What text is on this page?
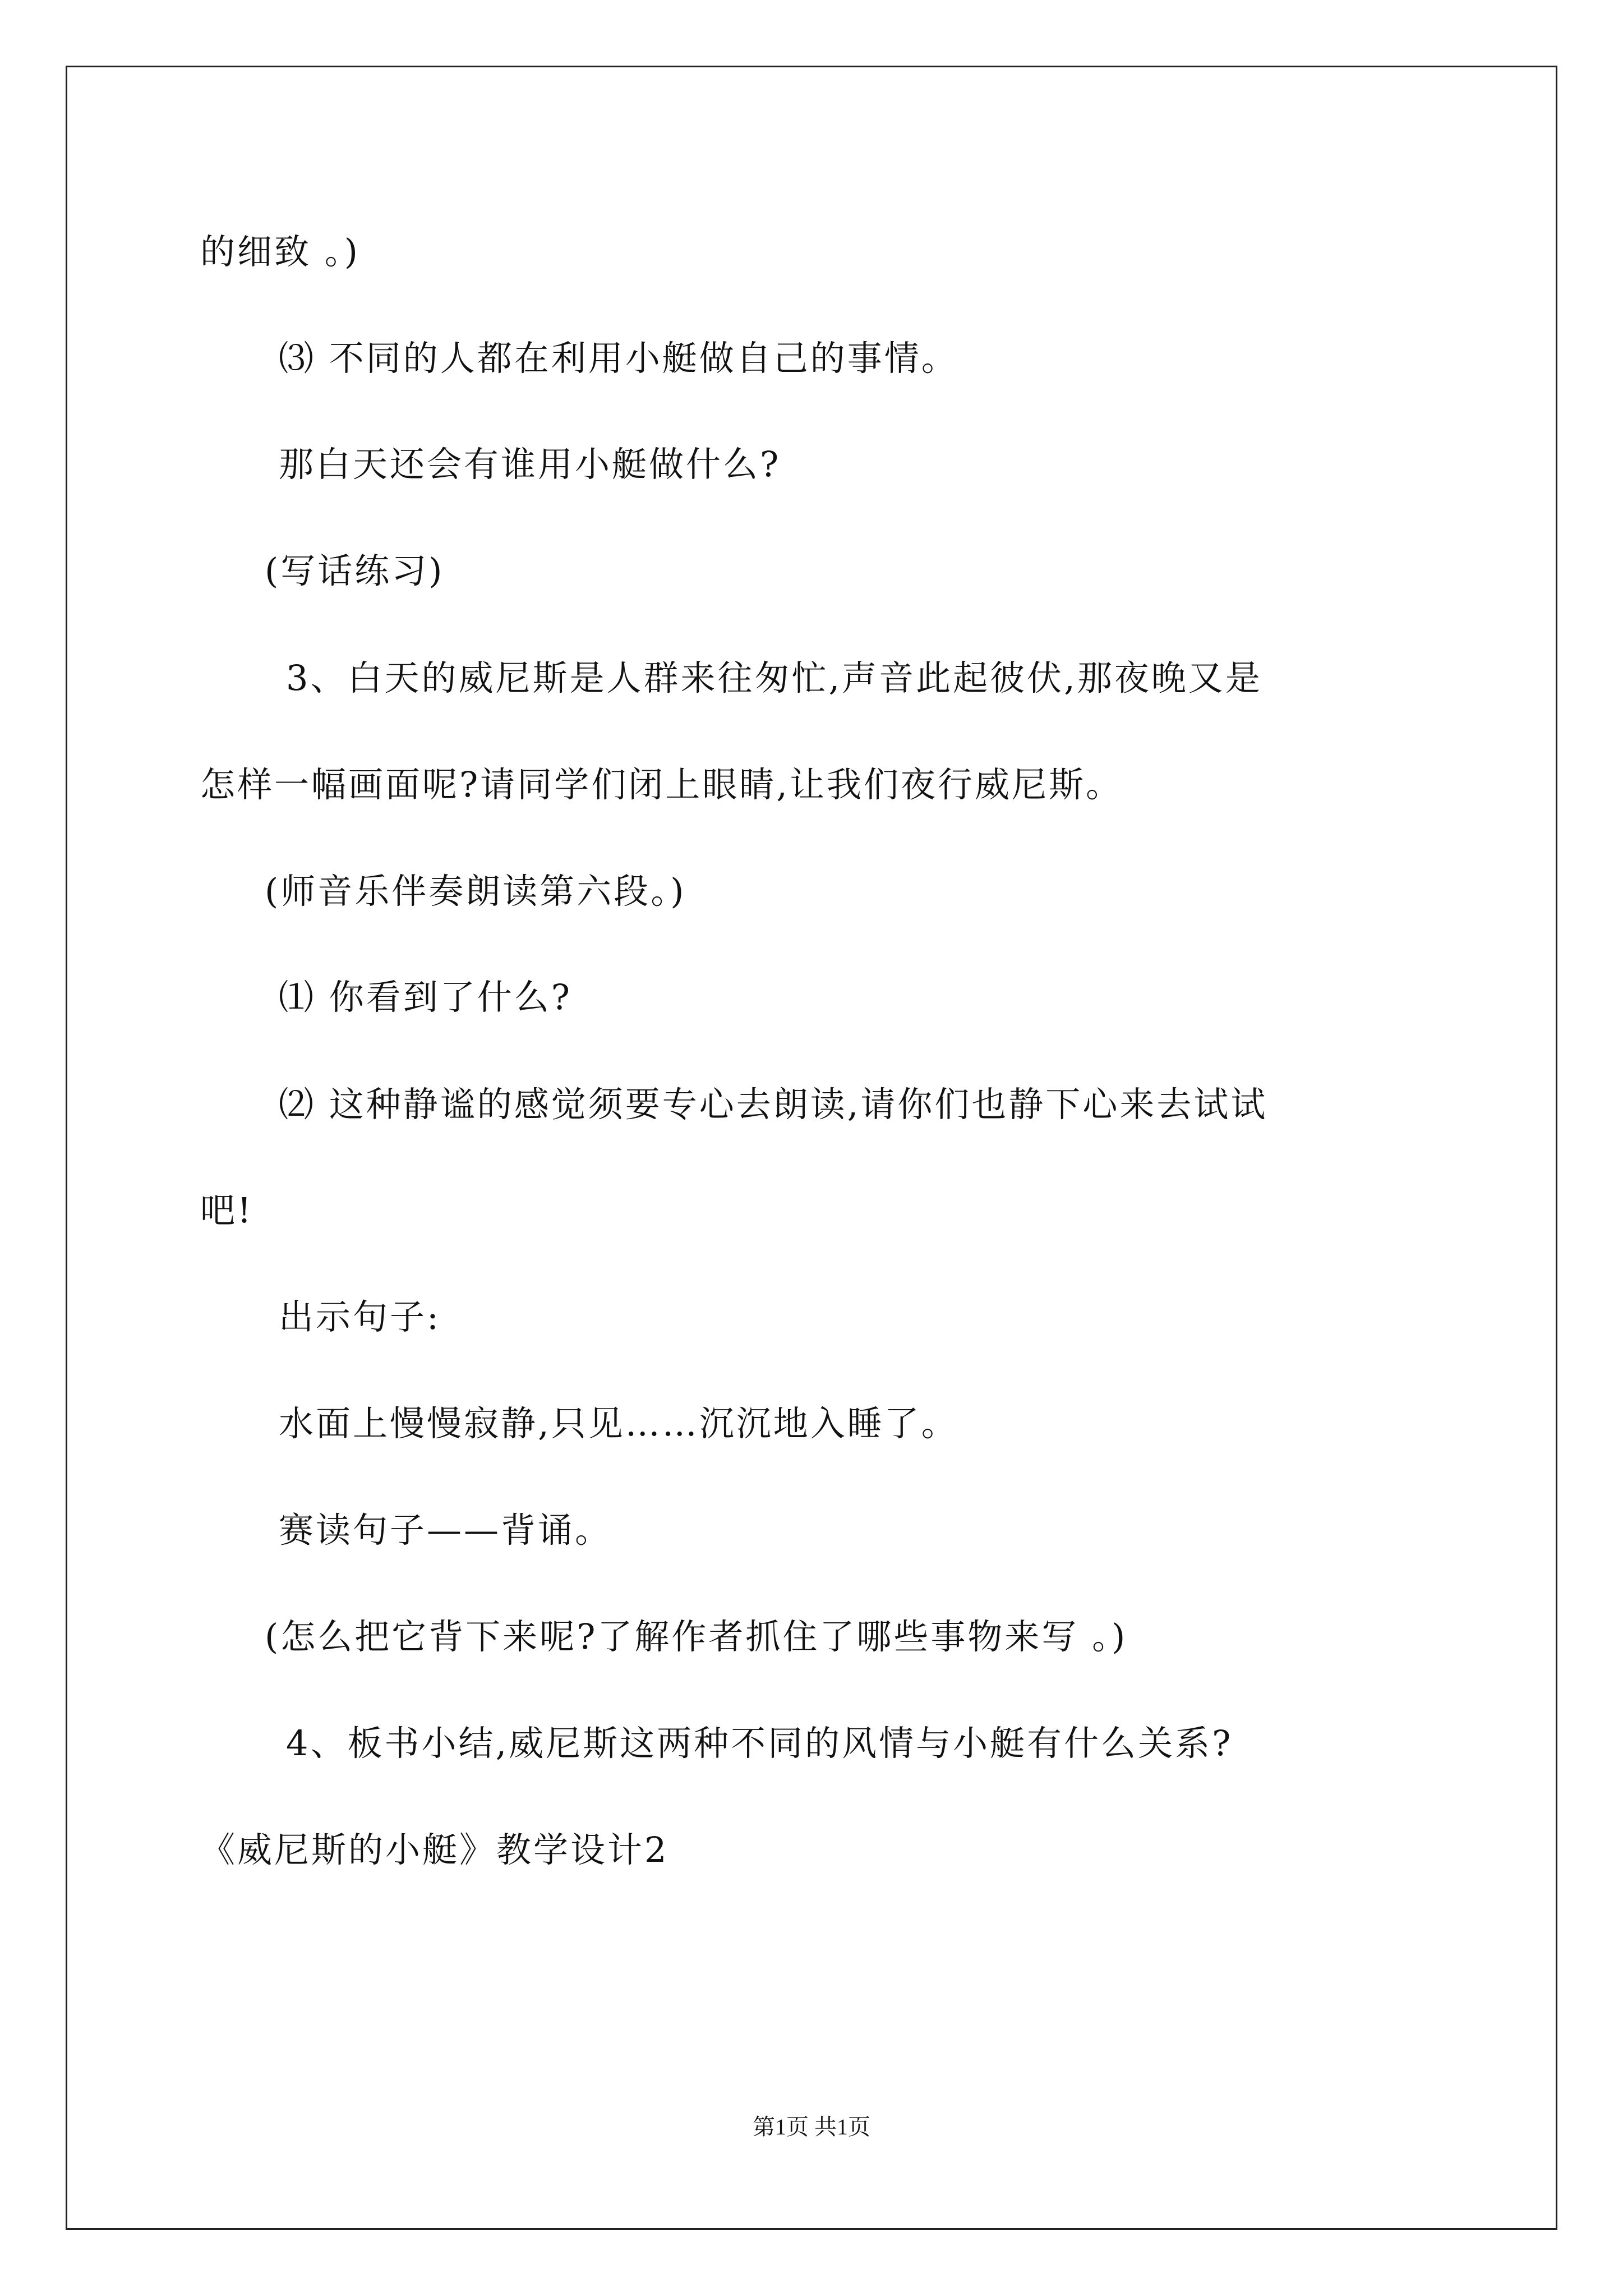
的细致 。)
⑶ 不同的人都在利用小艇做自己的事情。
那白天还会有谁用小艇做什么?
(写话练习)
3、白天的威尼斯是人群来往匆忙,声音此起彼伏,那夜晚又是
怎样一幅画面呢?请同学们闭上眼睛,让我们夜行威尼斯。
(师音乐伴奏朗读第六段。)
⑴ 你看到了什么?
⑵ 这种静谧的感觉须要专心去朗读,请你们也静下心来去试试
吧!
出示句子:
水面上慢慢寂静,只见……沉沉地入睡了。
赛读句子——背诵。
(怎么把它背下来呢?了解作者抓住了哪些事物来写 。)
4、板书小结,威尼斯这两种不同的风情与小艇有什么关系?
《威尼斯的小艇》教学设计2
第1页 共1页
